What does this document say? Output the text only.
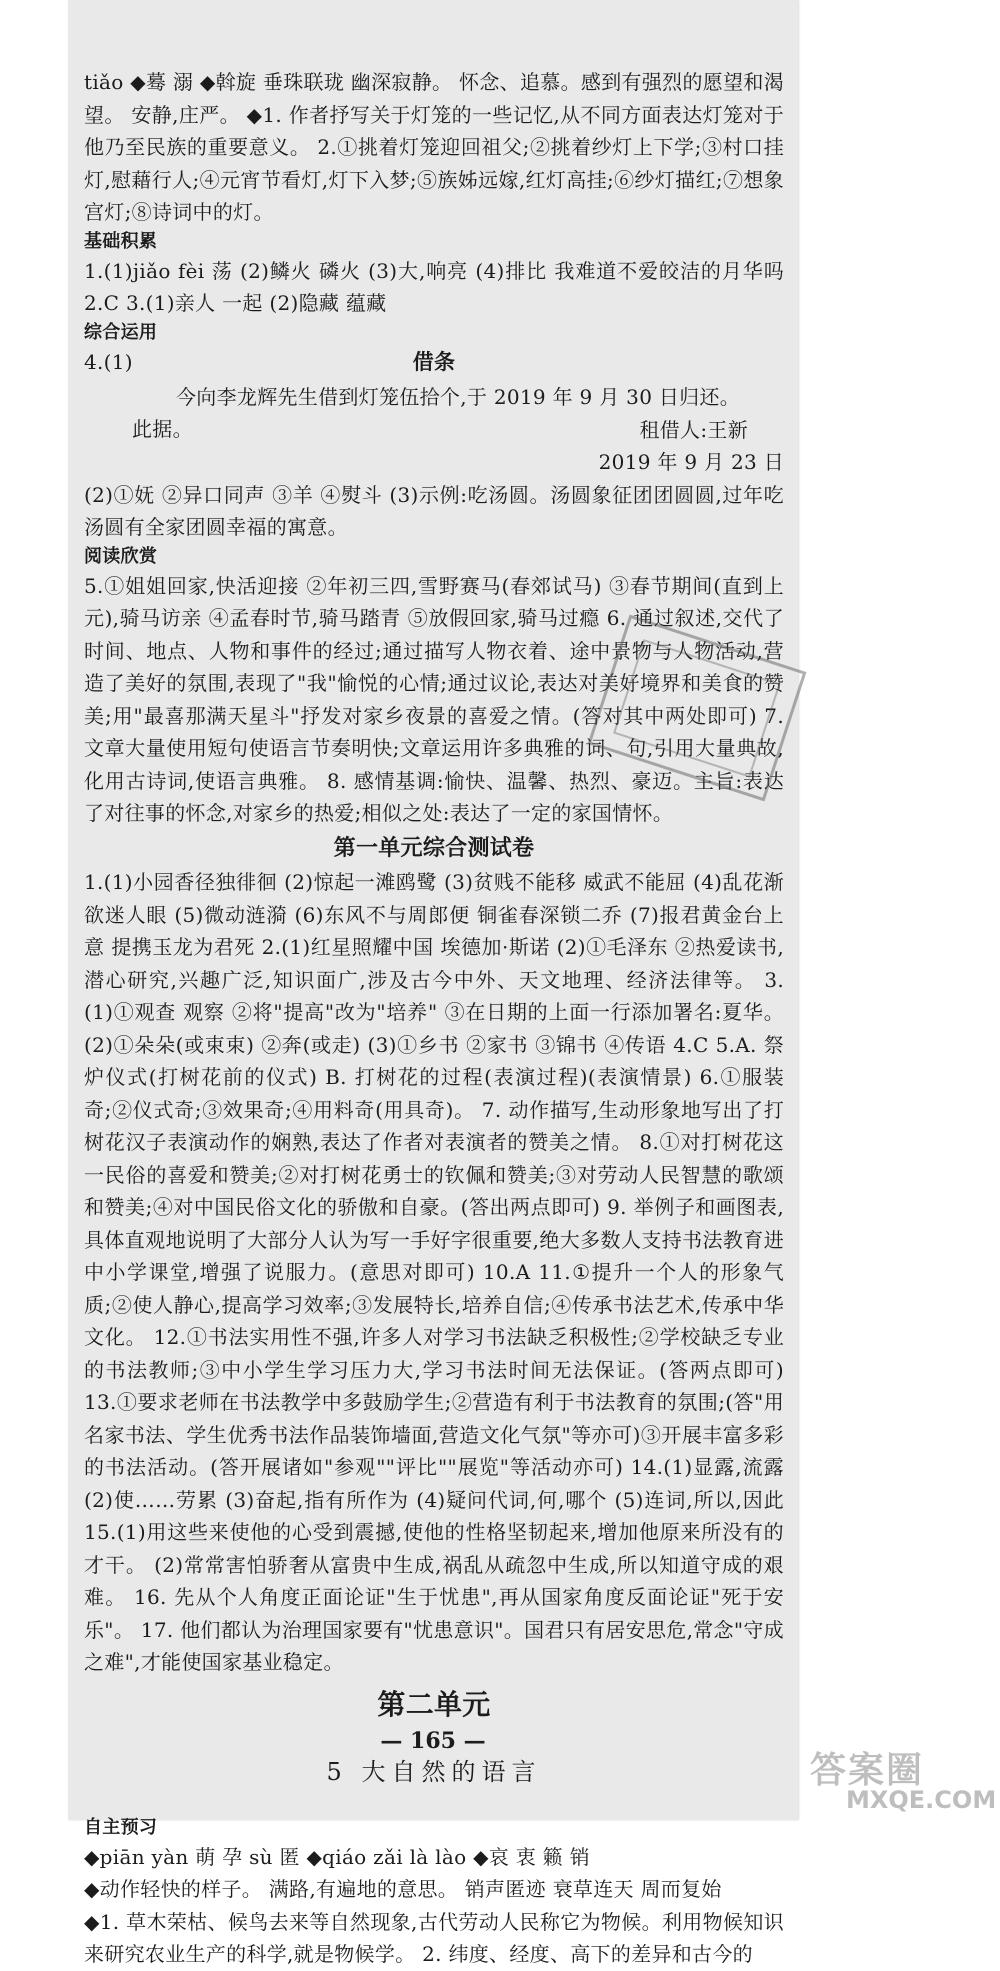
tiǎo ◆蓦 溺 ◆斡旋 垂珠联珑 幽深寂静。 怀念、追慕。感到有强烈的愿望和渴望。 安静,庄严。 ◆1. 作者抒写关于灯笼的一些记忆,从不同方面表达灯笼对于他乃至民族的重要意义。 2.①挑着灯笼迎回祖父;②挑着纱灯上下学;③村口挂灯,慰藉行人;④元宵节看灯,灯下入梦;⑤族姊远嫁,红灯高挂;⑥纱灯描红;⑦想象宫灯;⑧诗词中的灯。

基础积累

1.(1)jiǎo fèi 荡 (2)鳞火 磷火 (3)大,响亮 (4)排比 我难道不爱皎洁的月华吗 2.C 3.(1)亲人 一起 (2)隐藏 蕴藏

综合运用

4.(1)	借条

今向李龙辉先生借到灯笼伍拾个,于 2019 年 9 月 30 日归还。

此据。	租借人:王新

2019 年 9 月 23 日

(2)①妩 ②异口同声 ③羊 ④熨斗 (3)示例:吃汤圆。汤圆象征团团圆圆,过年吃汤圆有全家团圆幸福的寓意。

阅读欣赏

5.①姐姐回家,快活迎接 ②年初三四,雪野赛马(春郊试马) ③春节期间(直到上元),骑马访亲 ④孟春时节,骑马踏青 ⑤放假回家,骑马过瘾 6. 通过叙述,交代了时间、地点、人物和事件的经过;通过描写人物衣着、途中景物与人物活动,营造了美好的氛围,表现了"我"愉悦的心情;通过议论,表达对美好境界和美食的赞美;用"最喜那满天星斗"抒发对家乡夜景的喜爱之情。(答对其中两处即可) 7. 文章大量使用短句使语言节奏明快;文章运用许多典雅的词、句,引用大量典故,化用古诗词,使语言典雅。 8. 感情基调:愉快、温馨、热烈、豪迈。主旨:表达了对往事的怀念,对家乡的热爱;相似之处:表达了一定的家国情怀。

第一单元综合测试卷

1.(1)小园香径独徘徊 (2)惊起一滩鸥鹭 (3)贫贱不能移 威武不能屈 (4)乱花渐欲迷人眼 (5)微动涟漪 (6)东风不与周郎便 铜雀春深锁二乔 (7)报君黄金台上意 提携玉龙为君死 2.(1)红星照耀中国 埃德加·斯诺 (2)①毛泽东 ②热爱读书,潜心研究,兴趣广泛,知识面广,涉及古今中外、天文地理、经济法律等。 3.(1)①观查 观察 ②将"提高"改为"培养" ③在日期的上面一行添加署名:夏华。 (2)①朵朵(或束束) ②奔(或走) (3)①乡书 ②家书 ③锦书 ④传语 4.C 5.A. 祭炉仪式(打树花前的仪式) B. 打树花的过程(表演过程)(表演情景) 6.①服装奇;②仪式奇;③效果奇;④用料奇(用具奇)。 7. 动作描写,生动形象地写出了打树花汉子表演动作的娴熟,表达了作者对表演者的赞美之情。 8.①对打树花这一民俗的喜爱和赞美;②对打树花勇士的钦佩和赞美;③对劳动人民智慧的歌颂和赞美;④对中国民俗文化的骄傲和自豪。(答出两点即可) 9. 举例子和画图表,具体直观地说明了大部分人认为写一手好字很重要,绝大多数人支持书法教育进中小学课堂,增强了说服力。(意思对即可) 10.A 11.①提升一个人的形象气质;②使人静心,提高学习效率;③发展特长,培养自信;④传承书法艺术,传承中华文化。 12.①书法实用性不强,许多人对学习书法缺乏积极性;②学校缺乏专业的书法教师;③中小学生学习压力大,学习书法时间无法保证。(答两点即可) 13.①要求老师在书法教学中多鼓励学生;②营造有利于书法教育的氛围;(答"用名家书法、学生优秀书法作品装饰墙面,营造文化气氛"等亦可)③开展丰富多彩的书法活动。(答开展诸如"参观""评比""展览"等活动亦可) 14.(1)显露,流露 (2)使……劳累 (3)奋起,指有所作为 (4)疑问代词,何,哪个 (5)连词,所以,因此 15.(1)用这些来使他的心受到震撼,使他的性格坚韧起来,增加他原来所没有的才干。 (2)常常害怕骄奢从富贵中生成,祸乱从疏忽中生成,所以知道守成的艰难。 16. 先从个人角度正面论证"生于忧患",再从国家角度反面论证"死于安乐"。 17. 他们都认为治理国家要有"忧患意识"。国君只有居安思危,常念"守成之难",才能使国家基业稳定。

第二单元

5 大自然的语言

自主预习

◆piān yàn 萌 孕 sù 匿 ◆qiáo zǎi là lào ◆哀 衷 籁 销

◆动作轻快的样子。 满路,有遍地的意思。 销声匿迹 衰草连天 周而复始

◆1. 草木荣枯、候鸟去来等自然现象,古代劳动人民称它为物候。利用物候知识来研究农业生产的科学,就是物候学。 2. 纬度、经度、高下的差异和古今的

— 165 —
答案圈
MXQE.COM
